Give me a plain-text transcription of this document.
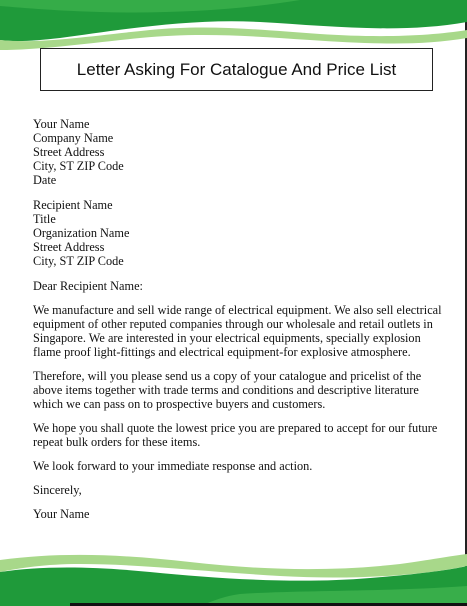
Letter Asking For Catalogue And Price List
Your Name
Company Name
Street Address
City, ST ZIP Code
Date
Recipient Name
Title
Organization Name
Street Address
City, ST ZIP Code

Dear Recipient Name:

We manufacture and sell wide range of electrical equipment. We also sell electrical equipment of other reputed companies through our wholesale and retail outlets in Singapore. We are interested in your electrical equipments, specially explosion flame proof light-fittings and electrical equipment-for explosive atmosphere.

Therefore, will you please send us a copy of your catalogue and pricelist of the above items together with trade terms and conditions and descriptive literature which we can pass on to prospective buyers and customers.

We hope you shall quote the lowest price you are prepared to accept for our future repeat bulk orders for these items.

We look forward to your immediate response and action.

Sincerely,

Your Name
